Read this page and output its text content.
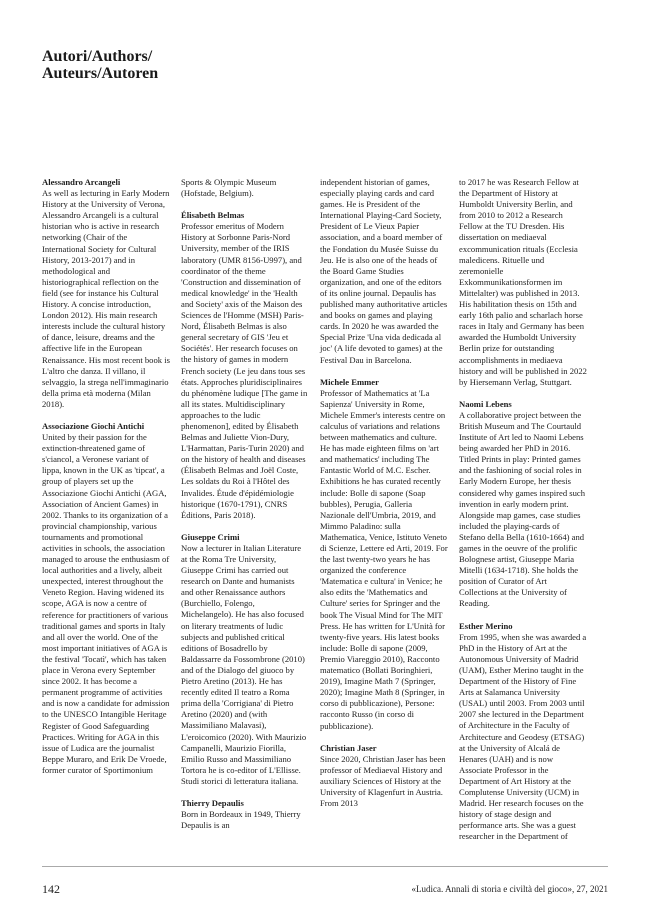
Autori/Authors/
Auteurs/Autoren
Alessandro Arcangeli

As well as lecturing in Early Modern History at the University of Verona, Alessandro Arcangeli is a cultural historian who is active in research networking (Chair of the International Society for Cultural History, 2013-2017) and in methodological and historiographical reflection on the field (see for instance his Cultural History. A concise introduction, London 2012). His main research interests include the cultural history of dance, leisure, dreams and the affective life in the European Renaissance. His most recent book is L'altro che danza. Il villano, il selvaggio, la strega nell'immaginario della prima età moderna (Milan 2018).

Associazione Giochi Antichi

United by their passion for the extinction-threatened game of s'ciancol, a Veronese variant of lippa, known in the UK as 'tipcat', a group of players set up the Associazione Giochi Antichi (AGA, Association of Ancient Games) in 2002. Thanks to its organization of a provincial championship, various tournaments and promotional activities in schools, the association managed to arouse the enthusiasm of local authorities and a lively, albeit unexpected, interest throughout the Veneto Region. Having widened its scope, AGA is now a centre of reference for practitioners of various traditional games and sports in Italy and all over the world. One of the most important initiatives of AGA is the festival 'Tocatì', which has taken place in Verona every September since 2002. It has become a permanent programme of activities and is now a candidate for admission to the UNESCO Intangible Heritage Register of Good Safeguarding Practices. Writing for AGA in this issue of Ludica are the journalist Beppe Muraro, and Erik De Vroede, former curator of Sportimonium

Sports & Olympic Museum (Hofstade, Belgium).

Élisabeth Belmas

Professor emeritus of Modern History at Sorbonne Paris-Nord University, member of the IRIS laboratory (UMR 8156-U997), and coordinator of the theme 'Construction and dissemination of medical knowledge' in the 'Health and Society' axis of the Maison des Sciences de l'Homme (MSH) Paris-Nord, Élisabeth Belmas is also general secretary of GIS 'Jeu et Sociétés'. Her research focuses on the history of games in modern French society (Le jeu dans tous ses états. Approches pluridisciplinaires du phénomène ludique [The game in all its states. Multidisciplinary approaches to the ludic phenomenon], edited by Élisabeth Belmas and Juliette Vion-Dury, L'Harmattan, Paris-Turin 2020) and on the history of health and diseases (Élisabeth Belmas and Joël Coste, Les soldats du Roi à l'Hôtel des Invalides. Étude d'épidémiologie historique (1670-1791), CNRS Éditions, Paris 2018).

Giuseppe Crimi

Now a lecturer in Italian Literature at the Roma Tre University, Giuseppe Crimi has carried out research on Dante and humanists and other Renaissance authors (Burchiello, Folengo, Michelangelo). He has also focused on literary treatments of ludic subjects and published critical editions of Bosadrello by Baldassarre da Fossombrone (2010) and of the Dialogo del giuoco by Pietro Aretino (2013). He has recently edited Il teatro a Roma prima della 'Corrigiana' di Pietro Aretino (2020) and (with Massimiliano Malavasi), L'eroicomico (2020). With Maurizio Campanelli, Maurizio Fiorilla, Emilio Russo and Massimiliano Tortora he is co-editor of L'Ellisse. Studi storici di letteratura italiana.

Thierry Depaulis

Born in Bordeaux in 1949, Thierry Depaulis is an

independent historian of games, especially playing cards and card games. He is President of the International Playing-Card Society, President of Le Vieux Papier association, and a board member of the Fondation du Musée Suisse du Jeu. He is also one of the heads of the Board Game Studies organization, and one of the editors of its online journal. Depaulis has published many authoritative articles and books on games and playing cards. In 2020 he was awarded the Special Prize 'Una vida dedicada al joc' (A life devoted to games) at the Festival Dau in Barcelona.

Michele Emmer

Professor of Mathematics at 'La Sapienza' University in Rome, Michele Emmer's interests centre on calculus of variations and relations between mathematics and culture. He has made eighteen films on 'art and mathematics' including The Fantastic World of M.C. Escher. Exhibitions he has curated recently include: Bolle di sapone (Soap bubbles), Perugia, Galleria Nazionale dell'Umbria, 2019, and Mimmo Paladino: sulla Mathematica, Venice, Istituto Veneto di Scienze, Lettere ed Arti, 2019. For the last twenty-two years he has organized the conference 'Matematica e cultura' in Venice; he also edits the 'Mathematics and Culture' series for Springer and the book The Visual Mind for The MIT Press. He has written for L'Unità for twenty-five years. His latest books include: Bolle di sapone (2009, Premio Viareggio 2010), Racconto matematico (Bollati Boringhieri, 2019), Imagine Math 7 (Springer, 2020); Imagine Math 8 (Springer, in corso di pubblicazione), Persone: racconto Russo (in corso di pubblicazione).

Christian Jaser

Since 2020, Christian Jaser has been professor of Mediaeval History and auxiliary Sciences of History at the University of Klagenfurt in Austria. From 2013

to 2017 he was Research Fellow at the Department of History at Humboldt University Berlin, and from 2010 to 2012 a Research Fellow at the TU Dresden. His dissertation on mediaeval excommunication rituals (Ecclesia maledicens. Rituelle und zeremonielle Exkommunikationsformen im Mittelalter) was published in 2013. His habilitation thesis on 15th and early 16th palio and scharlach horse races in Italy and Germany has been awarded the Humboldt University Berlin prize for outstanding accomplishments in mediaeva history and will be published in 2022 by Hiersemann Verlag, Stuttgart.

Naomi Lebens

A collaborative project between the British Museum and The Courtauld Institute of Art led to Naomi Lebens being awarded her PhD in 2016. Titled Prints in play: Printed games and the fashioning of social roles in Early Modern Europe, her thesis considered why games inspired such invention in early modern print. Alongside map games, case studies included the playing-cards of Stefano della Bella (1610-1664) and games in the oeuvre of the prolific Bolognese artist, Giuseppe Maria Mitelli (1634-1718). She holds the position of Curator of Art Collections at the University of Reading.

Esther Merino

From 1995, when she was awarded a PhD in the History of Art at the Autonomous University of Madrid (UAM), Esther Merino taught in the Department of the History of Fine Arts at Salamanca University (USAL) until 2003. From 2003 until 2007 she lectured in the Department of Architecture in the Faculty of Architecture and Geodesy (ETSAG) at the University of Alcalá de Henares (UAH) and is now Associate Professor in the Department of Art History at the Complutense University (UCM) in Madrid. Her research focuses on the history of stage design and performance arts. She was a guest researcher in the Department of

142	«Ludica. Annali di storia e civiltà del gioco», 27, 2021
